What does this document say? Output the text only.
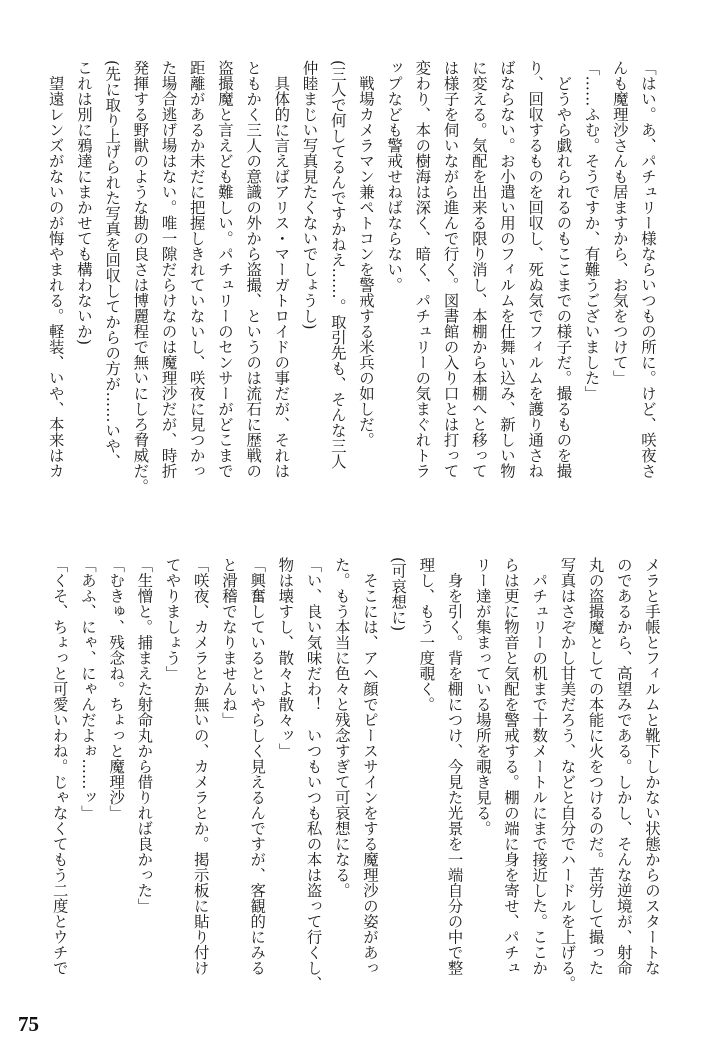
「はい。あ、パチュリー様ならいつもの所に。けど、咲夜さ
んも魔理沙さんも居ますから、お気をつけて」
「……ふむ。そうですか、有難うございました」
　どうやら戯れられるのもここまでの様子だ。撮るものを撮
り、回収するものを回収し、死ぬ気でフィルムを護り通さね
ばならない。お小遣い用のフィルムを仕舞い込み、新しい物
に変える。気配を出来る限り消し、本棚から本棚へと移って
は様子を伺いながら進んで行く。図書館の入り口とは打って
変わり、本の樹海は深く、暗く、パチュリーの気まぐれトラ
ップなども警戒せねばならない。
　戦場カメラマン兼ペトコンを警戒する米兵の如しだ。
(三人で何してるんですかねえ……。取引先も、そんな三人
仲睦まじい写真見たくないでしょうし)
　具体的に言えばアリス・マーガトロイドの事だが、それは
ともかく三人の意識の外から盗撮、というのは流石に歴戦の
盗撮魔と言えども難しい。パチュリーのセンサーがどこまで
距離があるか未だに把握しきれていないし、咲夜に見つかっ
た場合逃げ場はない。唯一隙だらけなのは魔理沙だが、時折
発揮する野獣のような勘の良さは博麗程で無いにしろ脅威だ。
(先に取り上げられた写真を回収してからの方が……いや、
これは別に鴉達にまかせても構わないか)
　望遠レンズがないのが悔やまれる。軽装、いや、本来はカ
メラと手帳とフィルムと靴下しかない状態からのスタートな
のであるから、高望みである。しかし、そんな逆境が、射命
丸の盗撮魔としての本能に火をつけるのだ。苦労して撮った
写真はさぞかし甘美だろう、などと自分でハードルを上げる。
　パチュリーの机まで十数メートルにまで接近した。ここか
らは更に物音と気配を警戒する。棚の端に身を寄せ、パチュ
リー達が集まっている場所を覗き見る。
　身を引く。背を棚につけ、今見た光景を一端自分の中で整
理し、もう一度覗く。
(可哀想に)
　そこには、アヘ顔でピースサインをする魔理沙の姿があっ
た。もう本当に色々と残念すぎて可哀想になる。
「い、良い気味だわ！　いつもいつも私の本は盗って行くし、
物は壊すし、散々よ散々ッ」
「興奮しているといやらしく見えるんですが、客観的にみる
と滑稽でなりませんね」
「咲夜、カメラとか無いの、カメラとか。掲示板に貼り付け
てやりましょう」
「生憎と。捕まえた射命丸から借りれば良かった」
「むきゅ、残念ね。ちょっと魔理沙」
「あふ、にゃ、にゃんだよぉ……ッ」
「くそ、ちょっと可愛いわね。じゃなくてもう二度とウチで
75
